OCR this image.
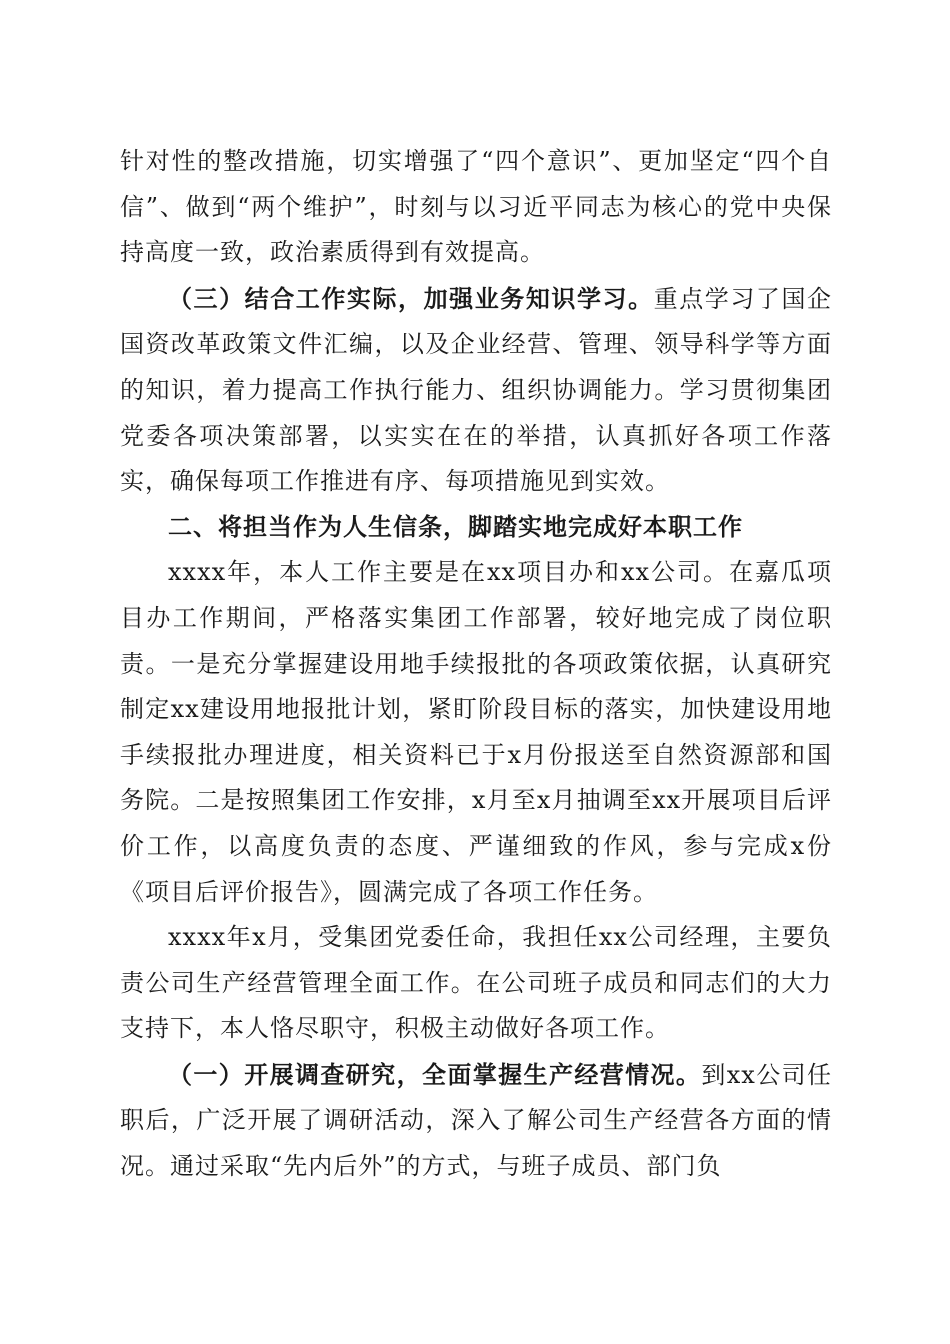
针对性的整改措施，切实增强了“四个意识”、更加坚定“四个自信”、做到“两个维护”，时刻与以习近平同志为核心的党中央保持高度一致，政治素质得到有效提高。

（三）结合工作实际，加强业务知识学习。重点学习了国企国资改革政策文件汇编，以及企业经营、管理、领导科学等方面的知识，着力提高工作执行能力、组织协调能力。学习贯彻集团党委各项决策部署，以实实在在的举措，认真抓好各项工作落实，确保每项工作推进有序、每项措施见到实效。

二、将担当作为人生信条，脚踏实地完成好本职工作

xxxx年，本人工作主要是在xx项目办和xx公司。在嘉瓜项目办工作期间，严格落实集团工作部署，较好地完成了岗位职责。一是充分掌握建设用地手续报批的各项政策依据，认真研究制定xx建设用地报批计划，紧盯阶段目标的落实，加快建设用地手续报批办理进度，相关资料已于x月份报送至自然资源部和国务院。二是按照集团工作安排，x月至x月抽调至xx开展项目后评价工作，以高度负责的态度、严谨细致的作风，参与完成x份《项目后评价报告》，圆满完成了各项工作任务。

xxxx年x月，受集团党委任命，我担任xx公司经理，主要负责公司生产经营管理全面工作。在公司班子成员和同志们的大力支持下，本人恪尽职守，积极主动做好各项工作。

（一）开展调查研究，全面掌握生产经营情况。到xx公司任职后，广泛开展了调研活动，深入了解公司生产经营各方面的情况。通过采取“先内后外”的方式，与班子成员、部门负
